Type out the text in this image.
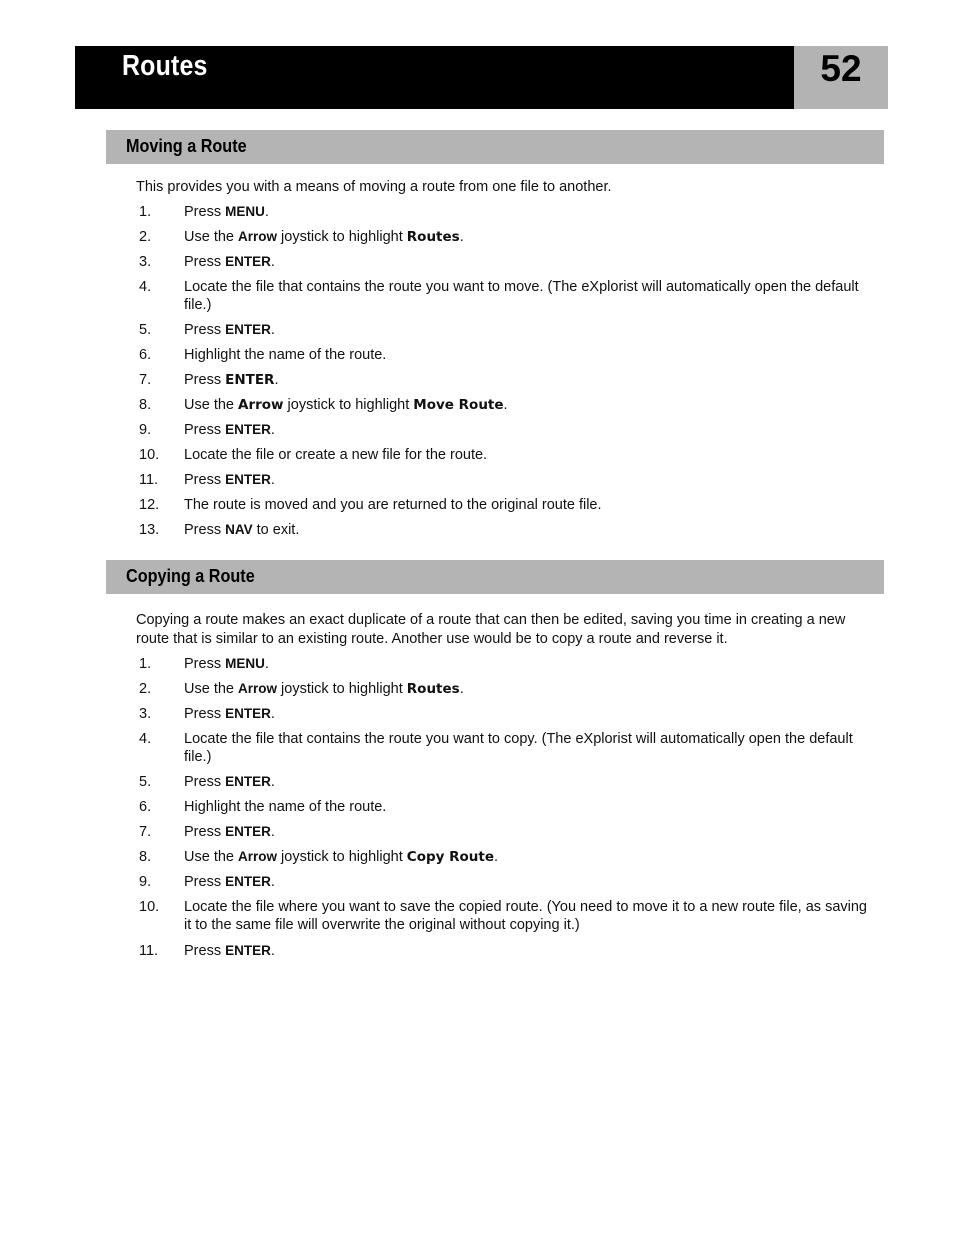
Routes	52
Moving a Route
This provides you with a means of moving a route from one file to another.
1.	Press MENU.
2.	Use the Arrow joystick to highlight Routes.
3.	Press ENTER.
4.	Locate the file that contains the route you want to move. (The eXplorist will automatically open the default file.)
5.	Press ENTER.
6.	Highlight the name of the route.
7.	Press ENTER.
8.	Use the Arrow joystick to highlight Move Route.
9.	Press ENTER.
10.	Locate the file or create a new file for the route.
11.	Press ENTER.
12.	The route is moved and you are returned to the original route file.
13.	Press NAV to exit.
Copying a Route
Copying a route makes an exact duplicate of a route that can then be edited, saving you time in creating a new route that is similar to an existing route. Another use would be to copy a route and reverse it.
1.	Press MENU.
2.	Use the Arrow joystick to highlight Routes.
3.	Press ENTER.
4.	Locate the file that contains the route you want to copy. (The eXplorist will automatically open the default file.)
5.	Press ENTER.
6.	Highlight the name of the route.
7.	Press ENTER.
8.	Use the Arrow joystick to highlight Copy Route.
9.	Press ENTER.
10.	Locate the file where you want to save the copied route. (You need to move it to a new route file, as saving it to the same file will overwrite the original without copying it.)
11.	Press ENTER.
